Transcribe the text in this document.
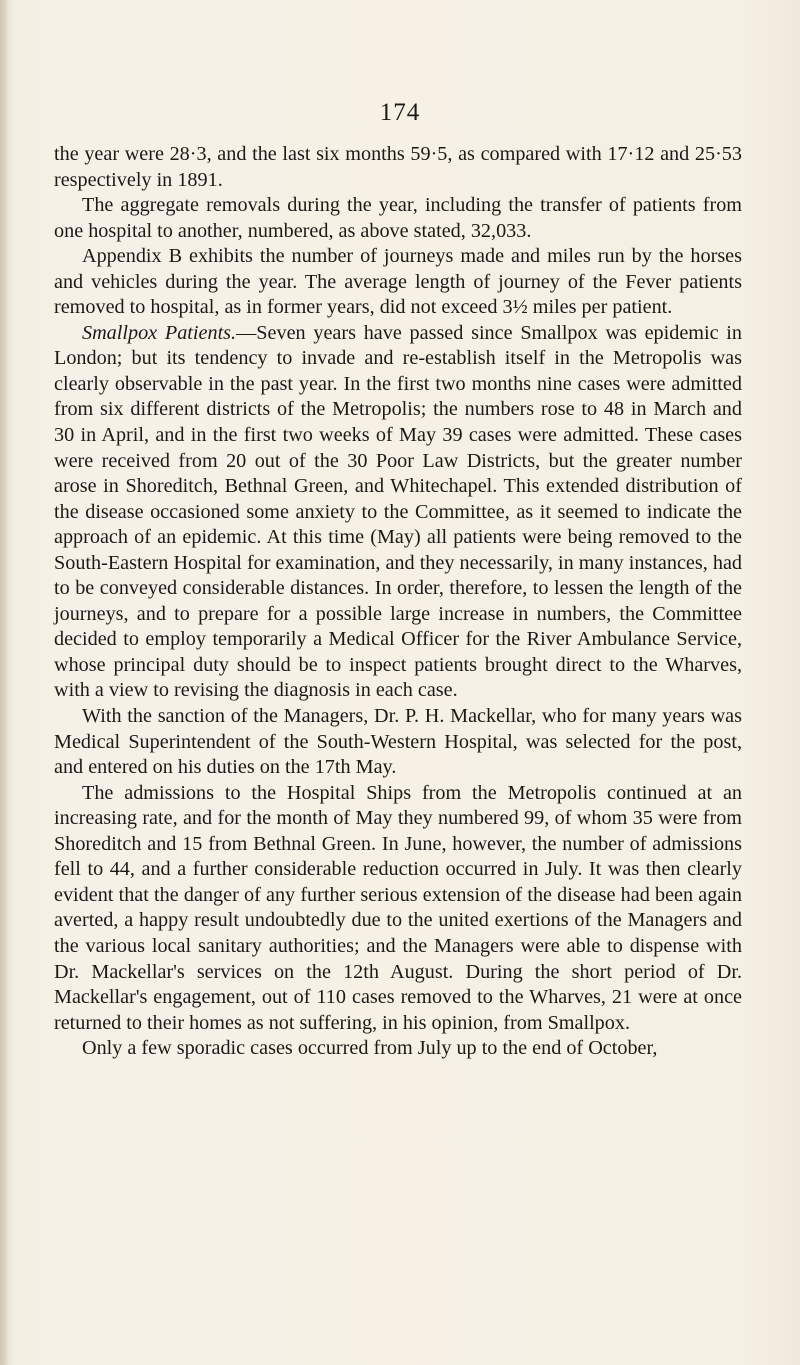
174

the year were 28·3, and the last six months 59·5, as compared with 17·12 and 25·53 respectively in 1891.

The aggregate removals during the year, including the transfer of patients from one hospital to another, numbered, as above stated, 32,033.

Appendix B exhibits the number of journeys made and miles run by the horses and vehicles during the year. The average length of journey of the Fever patients removed to hospital, as in former years, did not exceed 3½ miles per patient.

Smallpox Patients.—Seven years have passed since Smallpox was epidemic in London; but its tendency to invade and re-establish itself in the Metropolis was clearly observable in the past year. In the first two months nine cases were admitted from six different districts of the Metropolis; the numbers rose to 48 in March and 30 in April, and in the first two weeks of May 39 cases were admitted. These cases were received from 20 out of the 30 Poor Law Districts, but the greater number arose in Shoreditch, Bethnal Green, and Whitechapel. This extended distribution of the disease occasioned some anxiety to the Committee, as it seemed to indicate the approach of an epidemic. At this time (May) all patients were being removed to the South-Eastern Hospital for examination, and they necessarily, in many instances, had to be conveyed considerable distances. In order, therefore, to lessen the length of the journeys, and to prepare for a possible large increase in numbers, the Committee decided to employ temporarily a Medical Officer for the River Ambulance Service, whose principal duty should be to inspect patients brought direct to the Wharves, with a view to revising the diagnosis in each case.

With the sanction of the Managers, Dr. P. H. Mackellar, who for many years was Medical Superintendent of the South-Western Hospital, was selected for the post, and entered on his duties on the 17th May.

The admissions to the Hospital Ships from the Metropolis continued at an increasing rate, and for the month of May they numbered 99, of whom 35 were from Shoreditch and 15 from Bethnal Green. In June, however, the number of admissions fell to 44, and a further considerable reduction occurred in July. It was then clearly evident that the danger of any further serious extension of the disease had been again averted, a happy result undoubtedly due to the united exertions of the Managers and the various local sanitary authorities; and the Managers were able to dispense with Dr. Mackellar's services on the 12th August. During the short period of Dr. Mackellar's engagement, out of 110 cases removed to the Wharves, 21 were at once returned to their homes as not suffering, in his opinion, from Smallpox.

Only a few sporadic cases occurred from July up to the end of October,
